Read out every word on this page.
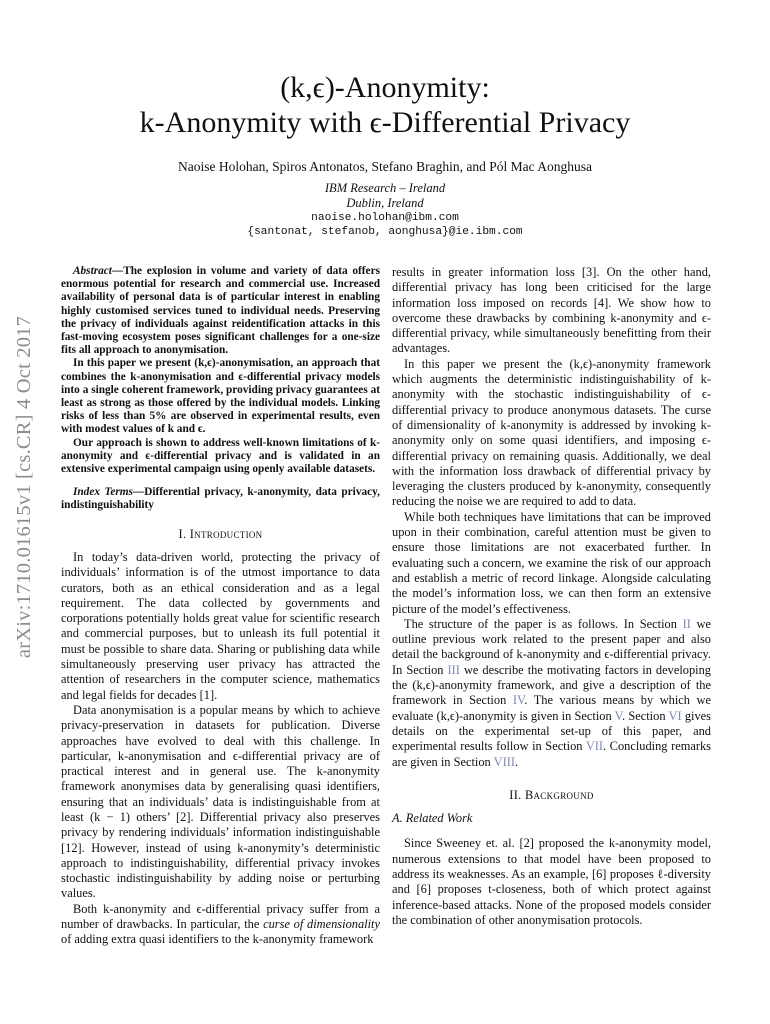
(k,ϵ)-Anonymity:
k-Anonymity with ϵ-Differential Privacy
Naoise Holohan, Spiros Antonatos, Stefano Braghin, and Pól Mac Aonghusa
IBM Research – Ireland
Dublin, Ireland
naoise.holohan@ibm.com
{santonat, stefanob, aonghusa}@ie.ibm.com
arXiv:1710.01615v1 [cs.CR] 4 Oct 2017

Abstract—The explosion in volume and variety of data offers enormous potential for research and commercial use. Increased availability of personal data is of particular interest in enabling highly customised services tuned to individual needs. Preserving the privacy of individuals against reidentification attacks in this fast-moving ecosystem poses significant challenges for a one-size fits all approach to anonymisation.

In this paper we present (k,ϵ)-anonymisation, an approach that combines the k-anonymisation and ϵ-differential privacy models into a single coherent framework, providing privacy guarantees at least as strong as those offered by the individual models. Linking risks of less than 5% are observed in experimental results, even with modest values of k and ϵ.

Our approach is shown to address well-known limitations of k-anonymity and ϵ-differential privacy and is validated in an extensive experimental campaign using openly available datasets.

Index Terms—Differential privacy, k-anonymity, data privacy, indistinguishability

I. Introduction

In today’s data-driven world, protecting the privacy of individuals’ information is of the utmost importance to data curators, both as an ethical consideration and as a legal requirement. The data collected by governments and corporations potentially holds great value for scientific research and commercial purposes, but to unleash its full potential it must be possible to share data. Sharing or publishing data while simultaneously preserving user privacy has attracted the attention of researchers in the computer science, mathematics and legal fields for decades [1].

Data anonymisation is a popular means by which to achieve privacy-preservation in datasets for publication. Diverse approaches have evolved to deal with this challenge. In particular, k-anonymisation and ϵ-differential privacy are of practical interest and in general use. The k-anonymity framework anonymises data by generalising quasi identifiers, ensuring that an individuals’ data is indistinguishable from at least (k − 1) others’ [2]. Differential privacy also preserves privacy by rendering individuals’ information indistinguishable [12]. However, instead of using k-anonymity’s deterministic approach to indistinguishability, differential privacy invokes stochastic indistinguishability by adding noise or perturbing values.

Both k-anonymity and ϵ-differential privacy suffer from a number of drawbacks. In particular, the curse of dimensionality of adding extra quasi identifiers to the k-anonymity framework

results in greater information loss [3]. On the other hand, differential privacy has long been criticised for the large information loss imposed on records [4]. We show how to overcome these drawbacks by combining k-anonymity and ϵ-differential privacy, while simultaneously benefitting from their advantages.

In this paper we present the (k,ϵ)-anonymity framework which augments the deterministic indistinguishability of k-anonymity with the stochastic indistinguishability of ϵ-differential privacy to produce anonymous datasets. The curse of dimensionality of k-anonymity is addressed by invoking k-anonymity only on some quasi identifiers, and imposing ϵ-differential privacy on remaining quasis. Additionally, we deal with the information loss drawback of differential privacy by leveraging the clusters produced by k-anonymity, consequently reducing the noise we are required to add to data.

While both techniques have limitations that can be improved upon in their combination, careful attention must be given to ensure those limitations are not exacerbated further. In evaluating such a concern, we examine the risk of our approach and establish a metric of record linkage. Alongside calculating the model’s information loss, we can then form an extensive picture of the model’s effectiveness.

The structure of the paper is as follows. In Section II we outline previous work related to the present paper and also detail the background of k-anonymity and ϵ-differential privacy. In Section III we describe the motivating factors in developing the (k,ϵ)-anonymity framework, and give a description of the framework in Section IV. The various means by which we evaluate (k,ϵ)-anonymity is given in Section V. Section VI gives details on the experimental set-up of this paper, and experimental results follow in Section VII. Concluding remarks are given in Section VIII.

II. Background
A. Related Work

Since Sweeney et. al. [2] proposed the k-anonymity model, numerous extensions to that model have been proposed to address its weaknesses. As an example, [6] proposes ℓ-diversity and [6] proposes t-closeness, both of which protect against inference-based attacks. None of the proposed models consider the combination of other anonymisation protocols.
